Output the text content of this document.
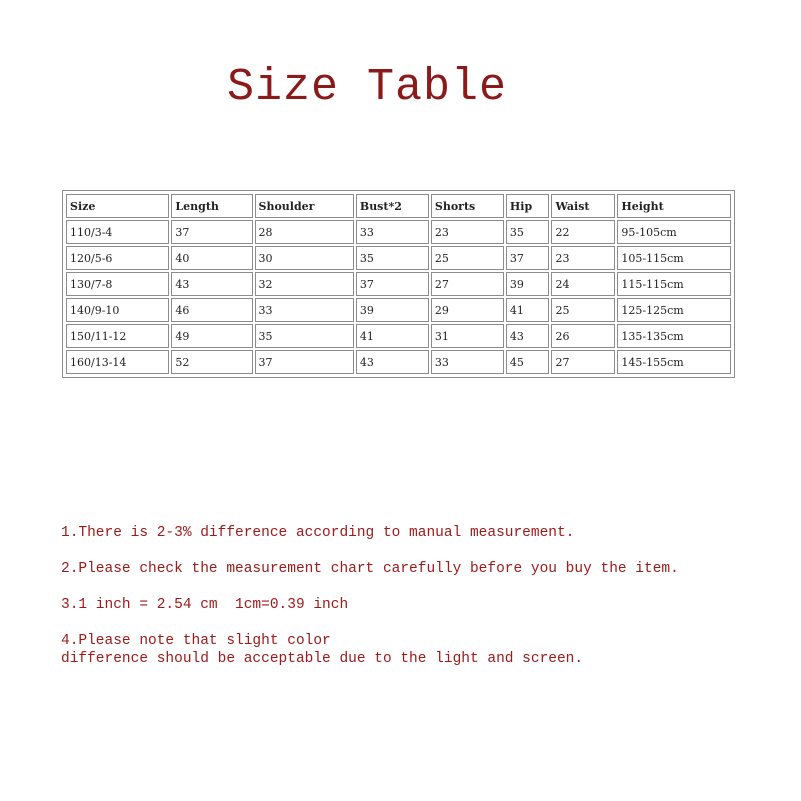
Size Table
Size	Length	Shoulder	Bust*2	Shorts	Hip	Waist	Height
110/3-4	37	28	33	23	35	22	95-105cm
120/5-6	40	30	35	25	37	23	105-115cm
130/7-8	43	32	37	27	39	24	115-115cm
140/9-10	46	33	39	29	41	25	125-125cm
150/11-12	49	35	41	31	43	26	135-135cm
160/13-14	52	37	43	33	45	27	145-155cm

1.There is 2-3% difference according to manual measurement.

2.Please check the measurement chart carefully before you buy the item.

3.1 inch = 2.54 cm  1cm=0.39 inch

4.Please note that slight color
difference should be acceptable due to the light and screen.
